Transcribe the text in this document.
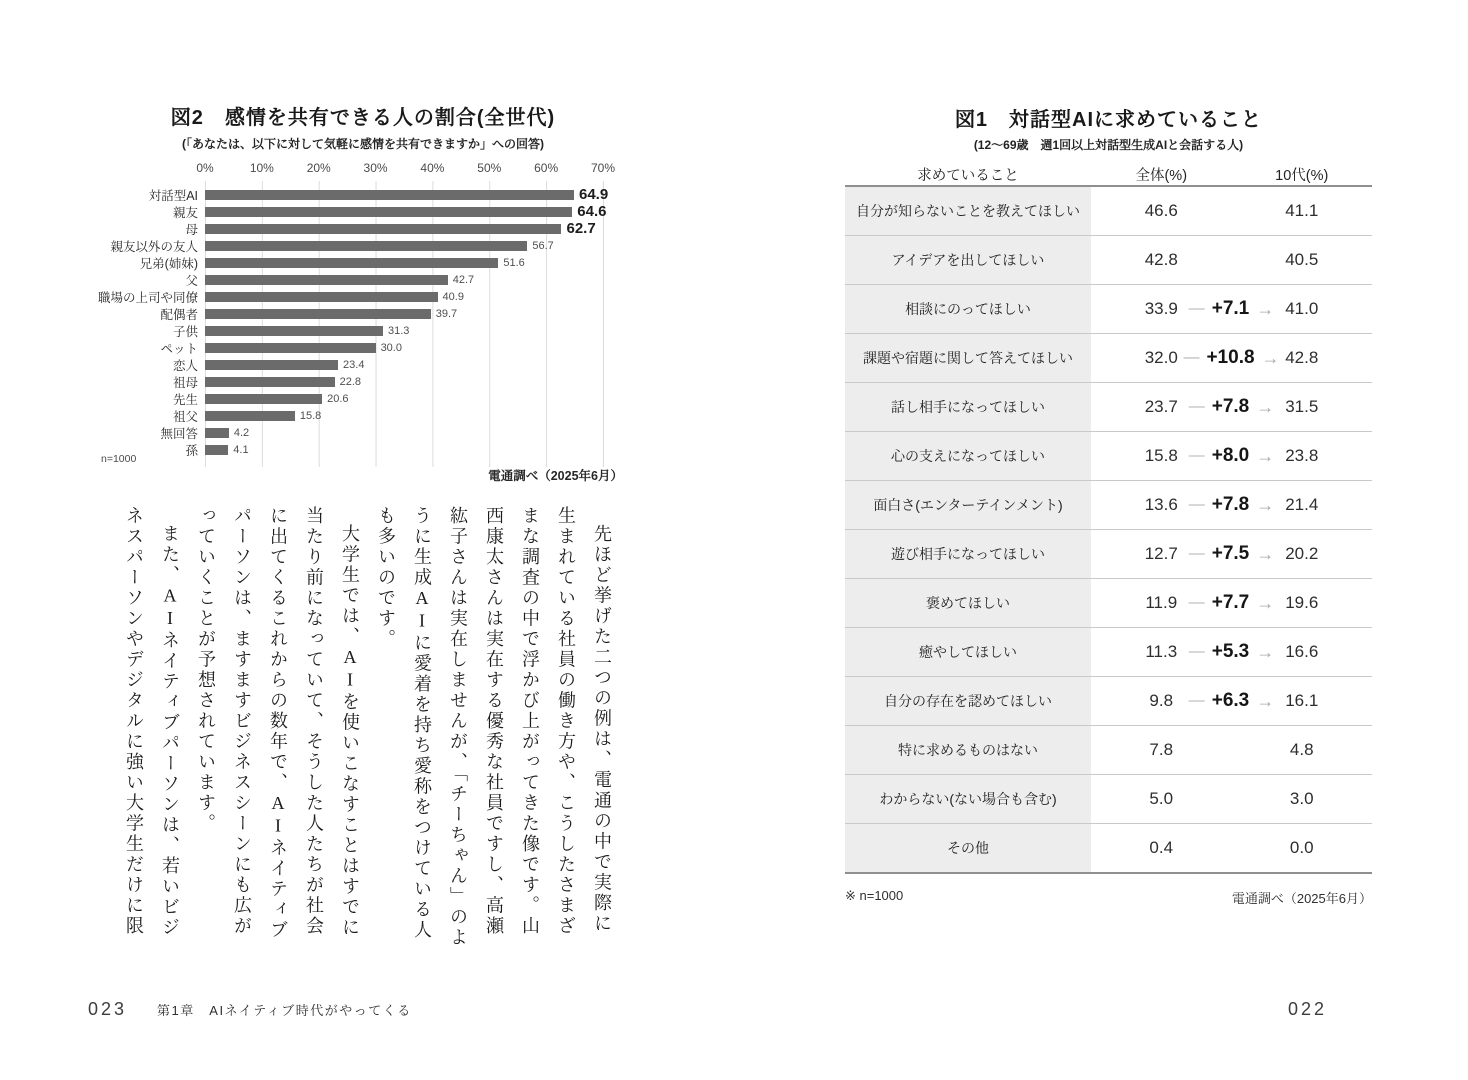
図2　感情を共有できる人の割合(全世代)
(「あなたは、以下に対して気軽に感情を共有できますか」への回答)
0%	10%	20%	30%	40%	50%	60%	70%
対話型AI	64.9
親友	64.6
母	62.7
親友以外の友人	56.7
兄弟(姉妹)	51.6
父	42.7
職場の上司や同僚	40.9
配偶者	39.7
子供	31.3
ペット	30.0
恋人	23.4
祖母	22.8
先生	20.6
祖父	15.8
無回答	4.2
孫	4.1
n=1000
電通調べ（2025年6月）

先ほど挙げた二つの例は、電通の中で実際に生まれている社員の働き方や、こうしたさまざまな調査の中で浮かび上がってきた像です。山西康太さんは実在する優秀な社員ですし、高瀬紘子さんは実在しませんが、「チーちゃん」のように生成AIに愛着を持ち愛称をつけている人も多いのです。

大学生では、AIを使いこなすことはすでに当たり前になっていて、そうした人たちが社会に出てくるこれからの数年で、AIネイティブパーソンは、ますますビジネスシーンにも広がっていくことが予想されています。

また、AIネイティブパーソンは、若いビジネスパーソンやデジタルに強い大学生だけに限

023 第1章　AIネイティブ時代がやってくる
図1　対話型AIに求めていること
(12〜69歳　週1回以上対話型生成AIと会話する人)
求めていること	全体(%)	10代(%)
自分が知らないことを教えてほしい	46.6	41.1
アイデアを出してほしい	42.8	40.5
相談にのってほしい	33.9 — +7.1 → 41.0
課題や宿題に関して答えてほしい	32.0 — +10.8 → 42.8
話し相手になってほしい	23.7 — +7.8 → 31.5
心の支えになってほしい	15.8 — +8.0 → 23.8
面白さ(エンターテインメント)	13.6 — +7.8 → 21.4
遊び相手になってほしい	12.7 — +7.5 → 20.2
褒めてほしい	11.9 — +7.7 → 19.6
癒やしてほしい	11.3 — +5.3 → 16.6
自分の存在を認めてほしい	9.8 — +6.3 → 16.1
特に求めるものはない	7.8	4.8
わからない(ない場合も含む)	5.0	3.0
その他	0.4	0.0
※ n=1000	電通調べ（2025年6月）
022
